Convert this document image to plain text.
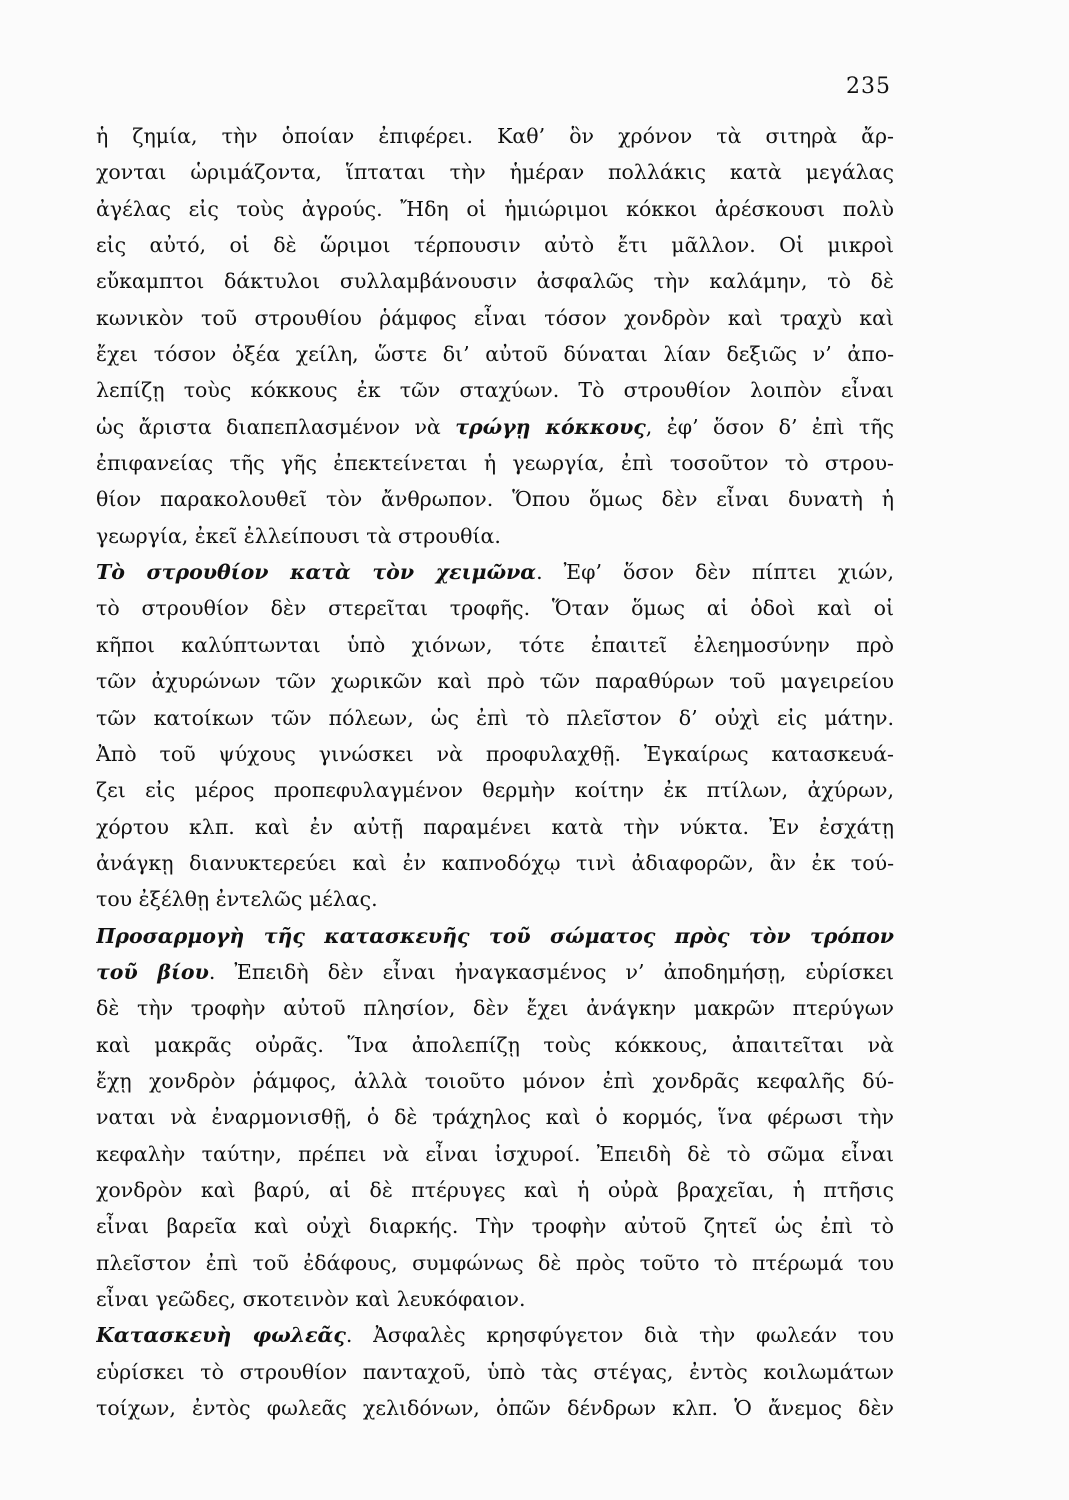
235
ἡ ζημία, τὴν ὁποίαν ἐπιφέρει. Καθ’ ὃν χρόνον τὰ σιτηρὰ ἄρ-
χονται ὡριμάζοντα, ἵπταται τὴν ἡμέραν πολλάκις κατὰ μεγάλας
ἀγέλας εἰς τοὺς ἀγρούς. Ἤδη οἱ ἡμιώριμοι κόκκοι ἀρέσκουσι πολὺ
εἰς αὐτό, οἱ δὲ ὥριμοι τέρπουσιν αὐτὸ ἔτι μᾶλλον. Οἱ μικροὶ
εὔκαμπτοι δάκτυλοι συλλαμβάνουσιν ἀσφαλῶς τὴν καλάμην, τὸ δὲ
κωνικὸν τοῦ στρουθίου ῥάμφος εἶναι τόσον χονδρὸν καὶ τραχὺ καὶ
ἔχει τόσον ὀξέα χείλη, ὥστε δι’ αὐτοῦ δύναται λίαν δεξιῶς ν’ ἀπο-
λεπίζῃ τοὺς κόκκους ἐκ τῶν σταχύων. Τὸ στρουθίον λοιπὸν εἶναι
ὡς ἄριστα διαπεπλασμένον νὰ τρώγῃ κόκκους, ἐφ’ ὅσον δ’ ἐπὶ τῆς
ἐπιφανείας τῆς γῆς ἐπεκτείνεται ἡ γεωργία, ἐπὶ τοσοῦτον τὸ στρου-
θίον παρακολουθεῖ τὸν ἄνθρωπον. Ὅπου ὅμως δὲν εἶναι δυνατὴ ἡ
γεωργία, ἐκεῖ ἐλλείπουσι τὰ στρουθία.
Τὸ στρουθίον κατὰ τὸν χειμῶνα. Ἐφ’ ὅσον δὲν πίπτει χιών,
τὸ στρουθίον δὲν στερεῖται τροφῆς. Ὅταν ὅμως αἱ ὁδοὶ καὶ οἱ
κῆποι καλύπτωνται ὑπὸ χιόνων, τότε ἐπαιτεῖ ἐλεημοσύνην πρὸ
τῶν ἀχυρώνων τῶν χωρικῶν καὶ πρὸ τῶν παραθύρων τοῦ μαγειρείου
τῶν κατοίκων τῶν πόλεων, ὡς ἐπὶ τὸ πλεῖστον δ’ οὐχὶ εἰς μάτην.
Ἀπὸ τοῦ ψύχους γινώσκει νὰ προφυλαχθῇ. Ἐγκαίρως κατασκευά-
ζει εἰς μέρος προπεφυλαγμένον θερμὴν κοίτην ἐκ πτίλων, ἀχύρων,
χόρτου κλπ. καὶ ἐν αὐτῇ παραμένει κατὰ τὴν νύκτα. Ἐν ἐσχάτῃ
ἀνάγκῃ διανυκτερεύει καὶ ἐν καπνοδόχῳ τινὶ ἀδιαφορῶν, ἂν ἐκ τού-
του ἐξέλθῃ ἐντελῶς μέλας.
Προσαρμογὴ τῆς κατασκευῆς τοῦ σώματος πρὸς τὸν τρόπον
τοῦ βίου. Ἐπειδὴ δὲν εἶναι ἠναγκασμένος ν’ ἀποδημήσῃ, εὑρίσκει
δὲ τὴν τροφὴν αὐτοῦ πλησίον, δὲν ἔχει ἀνάγκην μακρῶν πτερύγων
καὶ μακρᾶς οὐρᾶς. Ἵνα ἀπολεπίζῃ τοὺς κόκκους, ἀπαιτεῖται νὰ
ἔχῃ χονδρὸν ῥάμφος, ἀλλὰ τοιοῦτο μόνον ἐπὶ χονδρᾶς κεφαλῆς δύ-
ναται νὰ ἐναρμονισθῇ, ὁ δὲ τράχηλος καὶ ὁ κορμός, ἵνα φέρωσι τὴν
κεφαλὴν ταύτην, πρέπει νὰ εἶναι ἰσχυροί. Ἐπειδὴ δὲ τὸ σῶμα εἶναι
χονδρὸν καὶ βαρύ, αἱ δὲ πτέρυγες καὶ ἡ οὐρὰ βραχεῖαι, ἡ πτῆσις
εἶναι βαρεῖα καὶ οὐχὶ διαρκής. Τὴν τροφὴν αὐτοῦ ζητεῖ ὡς ἐπὶ τὸ
πλεῖστον ἐπὶ τοῦ ἐδάφους, συμφώνως δὲ πρὸς τοῦτο τὸ πτέρωμά του
εἶναι γεῶδες, σκοτεινὸν καὶ λευκόφαιον.
Κατασκευὴ φωλεᾶς. Ἀσφαλὲς κρησφύγετον διὰ τὴν φωλεάν του
εὑρίσκει τὸ στρουθίον πανταχοῦ, ὑπὸ τὰς στέγας, ἐντὸς κοιλωμάτων
τοίχων, ἐντὸς φωλεᾶς χελιδόνων, ὀπῶν δένδρων κλπ. Ὁ ἄνεμος δὲν
